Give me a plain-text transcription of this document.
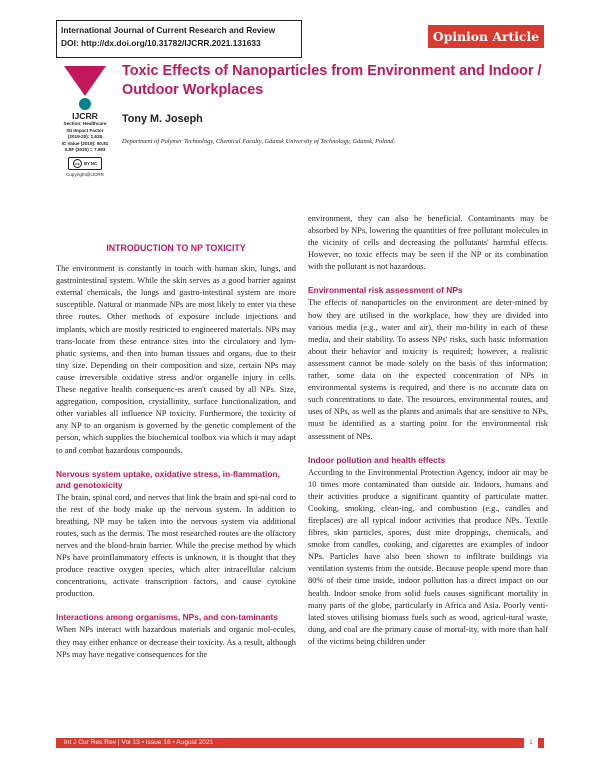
International Journal of Current Research and Review
DOI: http://dx.doi.org/10.31782/IJCRR.2021.131633	Opinion Article
IJCRR
Section: Healthcare
ISI Impact Factor
(2019-20): 1.628
IC Value (2019): 90.81
SJIF (2020) = 7.893
cc	BY NC
Copyright@IJCRR
Toxic Effects of Nanoparticles from Environment and Indoor / Outdoor Workplaces
Tony M. Joseph
Department of Polymer Technology, Chemical Faculty, Gdansk University of Technology, Gdansk, Poland.
INTRODUCTION TO NP TOXICITY

The environment is constantly in touch with human skin, lungs, and gastrointestinal system. While the skin serves as a good barrier against external chemicals, the lungs and gastro-intestinal system are more susceptible. Natural or manmade NPs are most likely to enter via these three routes. Other methods of exposure include injections and implants, which are mostly restricted to engineered materials. NPs may trans-locate from these entrance sites into the circulatory and lym-phatic systems, and then into human tissues and organs, due to their tiny size. Depending on their composition and size, certain NPs may cause irreversible oxidative stress and/or organelle injury in cells. These negative health consequenc-es aren't caused by all NPs. Size, aggregation, composition, crystallinity, surface functionalization, and other variables all influence NP toxicity. Furthermore, the toxicity of any NP to an organism is governed by the genetic complement of the person, which supplies the biochemical toolbox via which it may adapt to and combat hazardous compounds.

Nervous system uptake, oxidative stress, in-flammation, and genotoxicity

The brain, spinal cord, and nerves that link the brain and spi-nal cord to the rest of the body make up the nervous system. In addition to breathing, NP may be taken into the nervous system via additional routes, such as the dermis. The most researched routes are the olfactory nerves and the blood-brain barrier. While the precise method by which NPs have proinflammatory effects is unknown, it is thought that they produce reactive oxygen species, which alter intracellular calcium concentrations, activate transcription factors, and cause cytokine production.

Interactions among organisms, NPs, and con-taminants

When NPs interact with hazardous materials and organic mol-ecules, they may either enhance or decrease their toxicity. As a result, although NPs may have negative consequences for the

environment, they can also be beneficial. Contaminants may be absorbed by NPs, lowering the quantities of free pollutant molecules in the vicinity of cells and decreasing the pollutants' harmful effects. However, no toxic effects may be seen if the NP or its combination with the pollutant is not hazardous.

Environmental risk assessment of NPs

The effects of nanoparticles on the environment are deter-mined by how they are utilised in the workplace, how they are divided into various media (e.g., water and air), their mo-bility in each of these media, and their stability. To assess NPs' risks, such basic information about their behavior and toxicity is required; however, a realistic assessment cannot be made solely on the basis of this information; rather, some data on the expected concentration of NPs in environmental systems is required, and there is no accurate data on such concentrations to date. The resources, environmental routes, and uses of NPs, as well as the plants and animals that are sensitive to NPs, must be identified as a starting point for the environmental risk assessment of NPs.

Indoor pollution and health effects

According to the Environmental Protection Agency, indoor air may be 10 times more contaminated than outside air. Indoors, humans and their activities produce a significant quantity of particulate matter. Cooking, smoking, clean-ing, and combustion (e.g., candles and fireplaces) are all typical indoor activities that produce NPs. Textile fibres, skin particles, spores, dust mite droppings, chemicals, and smoke from candles, cooking, and cigarettes are examples of indoor NPs. Particles have also been shown to infiltrate buildings via ventilation systems from the outside. Because people spend more than 80% of their time inside, indoor pollution has a direct impact on our health. Indoor smoke from solid fuels causes significant mortality in many parts of the globe, particularly in Africa and Asia. Poorly venti-lated stoves utilising biomass fuels such as wood, agricul-tural waste, dung, and coal are the primary cause of mortal-ity, with more than half of the victims being children under

Int J Cur Res Rev | Vol 13 • Issue 16 • August 2021	1
